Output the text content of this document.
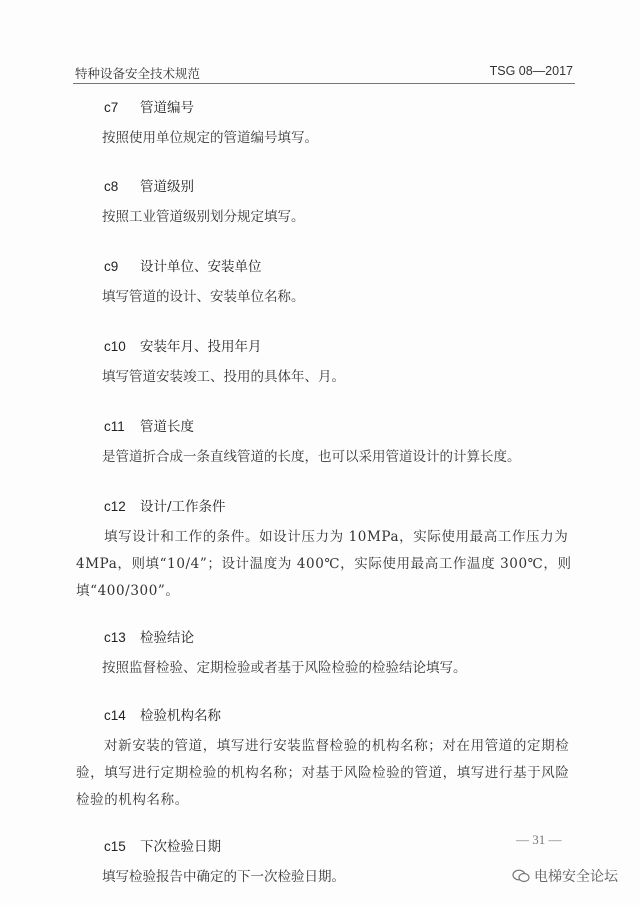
特种设备安全技术规范	TSG 08—2017
c7 管道编号

按照使用单位规定的管道编号填写。

c8 管道级别

按照工业管道级别划分规定填写。

c9 设计单位、安装单位

填写管道的设计、安装单位名称。

c10 安装年月、投用年月

填写管道安装竣工、投用的具体年、月。

c11 管道长度

是管道折合成一条直线管道的长度，也可以采用管道设计的计算长度。

c12 设计/工作条件

填写设计和工作的条件。如设计压力为 10MPa，实际使用最高工作压力为 4MPa，则填“10/4”；设计温度为 400℃，实际使用最高工作温度 300℃，则填“400/300”。

c13 检验结论

按照监督检验、定期检验或者基于风险检验的检验结论填写。

c14 检验机构名称

对新安装的管道，填写进行安装监督检验的机构名称；对在用管道的定期检验，填写进行定期检验的机构名称；对基于风险检验的管道，填写进行基于风险检验的机构名称。

c15 下次检验日期

填写检验报告中确定的下一次检验日期。

— 31 —
电梯安全论坛
